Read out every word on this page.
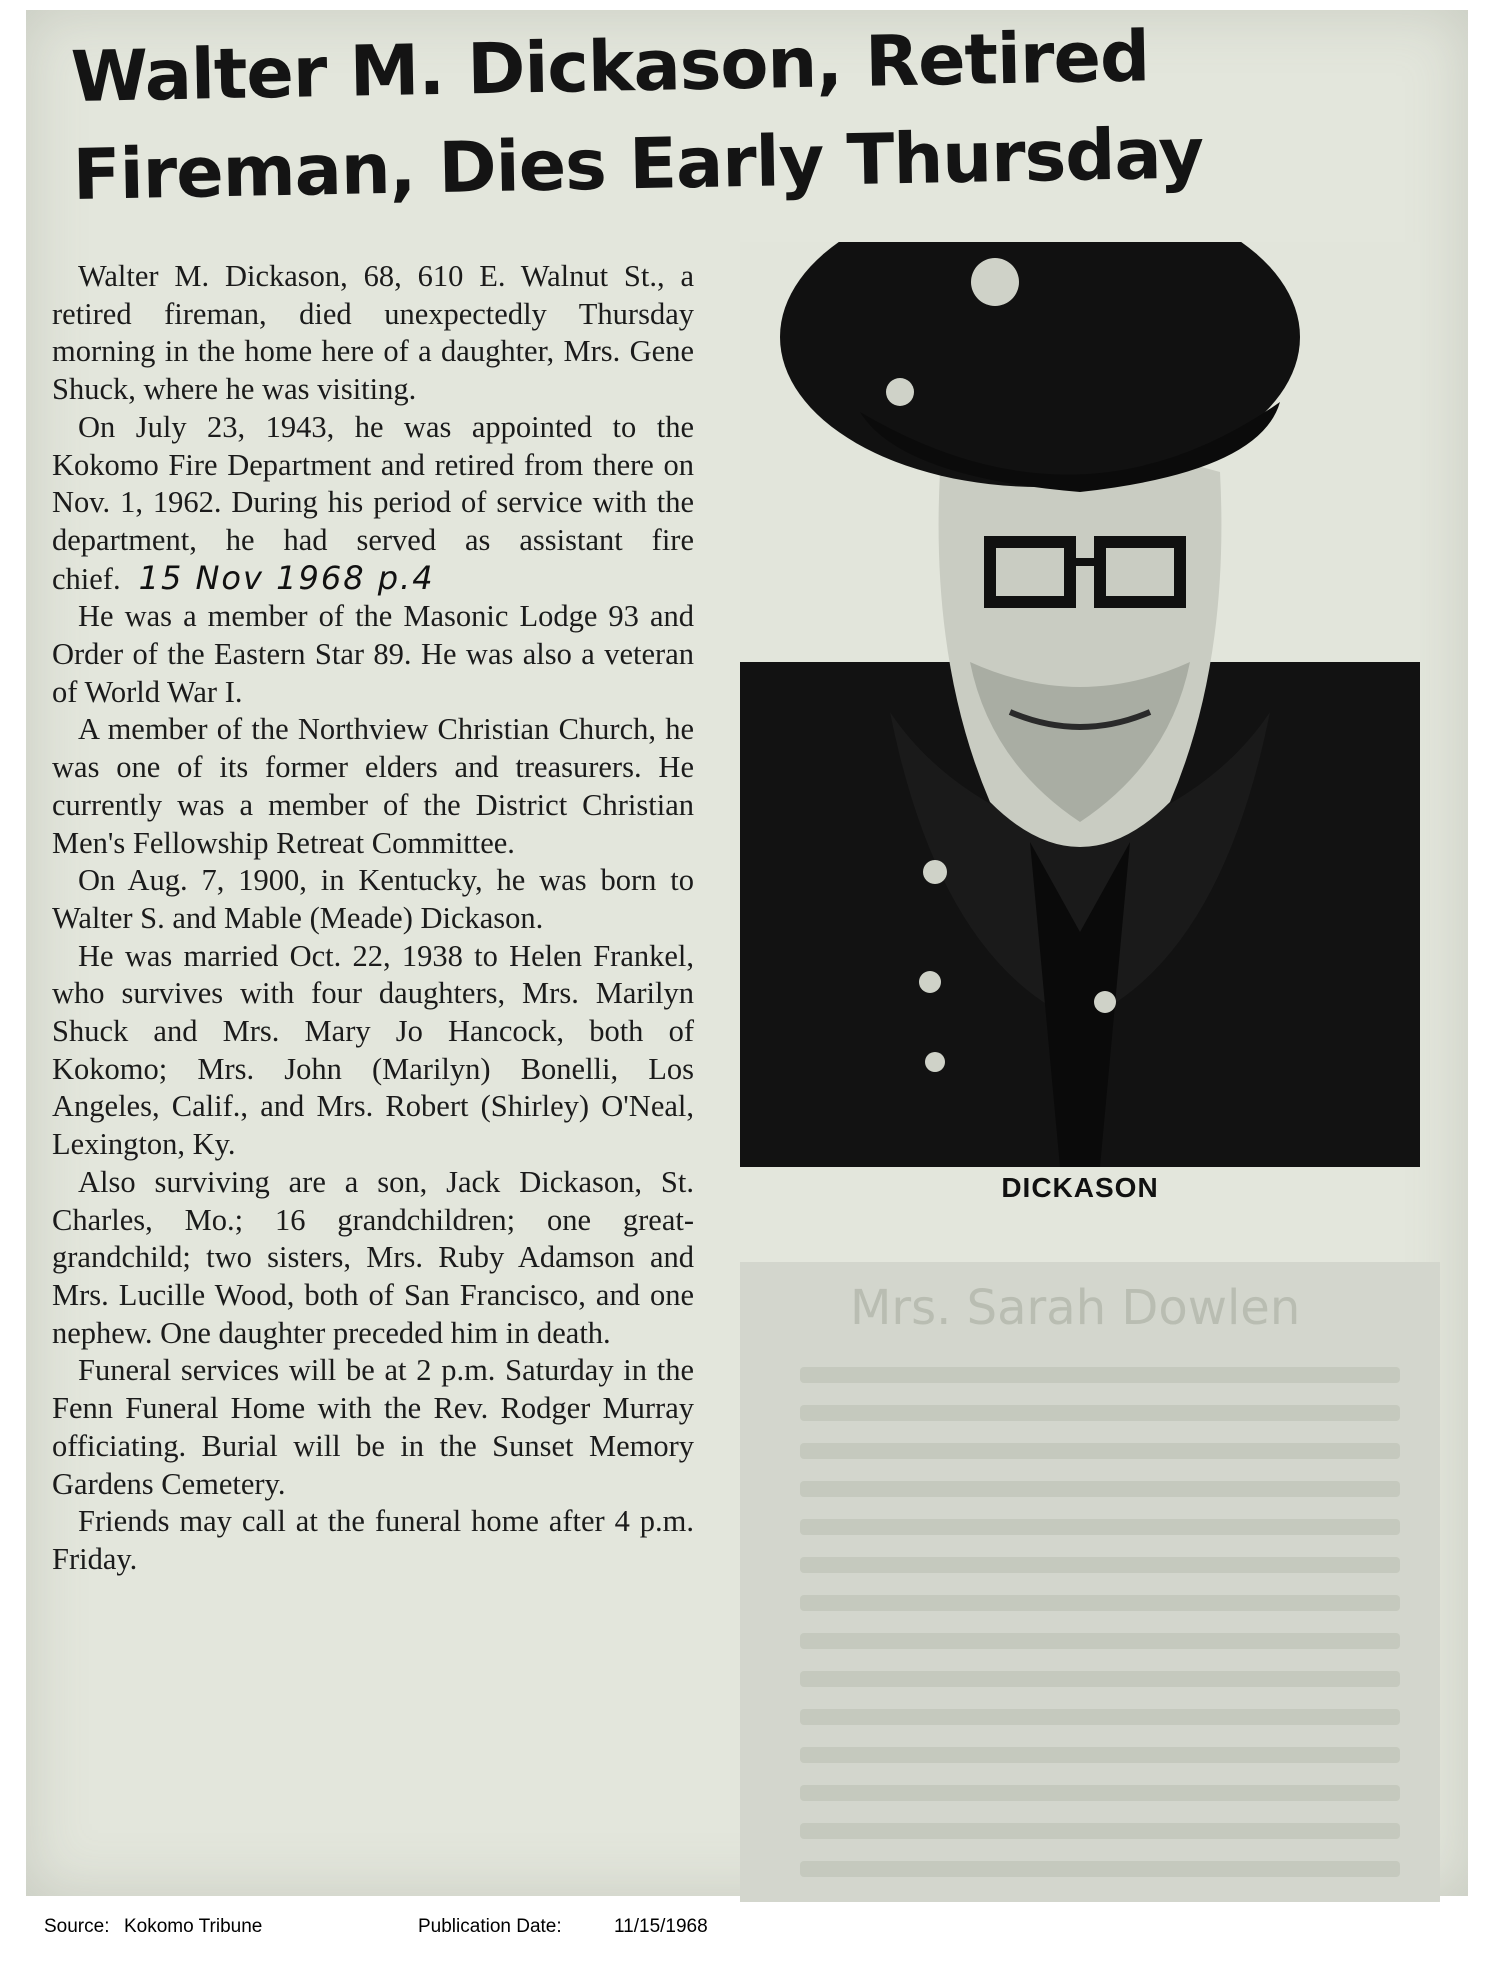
Walter M. Dickason, Retired
Fireman, Dies Early Thursday

Walter M. Dickason, 68, 610 E. Walnut St., a retired fireman, died unexpectedly Thursday morning in the home here of a daughter, Mrs. Gene Shuck, where he was visiting.

On July 23, 1943, he was appointed to the Kokomo Fire Department and retired from there on Nov. 1, 1962. During his period of service with the department, he had served as assistant fire chief. 15 Nov 1968 p.4

He was a member of the Masonic Lodge 93 and Order of the Eastern Star 89. He was also a veteran of World War I.

A member of the Northview Christian Church, he was one of its former elders and treasurers. He currently was a member of the District Christian Men's Fellowship Retreat Committee.

On Aug. 7, 1900, in Kentucky, he was born to Walter S. and Mable (Meade) Dickason.

He was married Oct. 22, 1938 to Helen Frankel, who survives with four daughters, Mrs. Marilyn Shuck and Mrs. Mary Jo Hancock, both of Kokomo; Mrs. John (Marilyn) Bonelli, Los Angeles, Calif., and Mrs. Robert (Shirley) O'Neal, Lexington, Ky.

Also surviving are a son, Jack Dickason, St. Charles, Mo.; 16 grandchildren; one great-grandchild; two sisters, Mrs. Ruby Adamson and Mrs. Lucille Wood, both of San Francisco, and one nephew. One daughter preceded him in death.

Funeral services will be at 2 p.m. Saturday in the Fenn Funeral Home with the Rev. Rodger Murray officiating. Burial will be in the Sunset Memory Gardens Cemetery.

Friends may call at the funeral home after 4 p.m. Friday.

DICKASON
Mrs. Sarah Dowlen
Source: Kokomo Tribune	Publication Date:	11/15/1968
